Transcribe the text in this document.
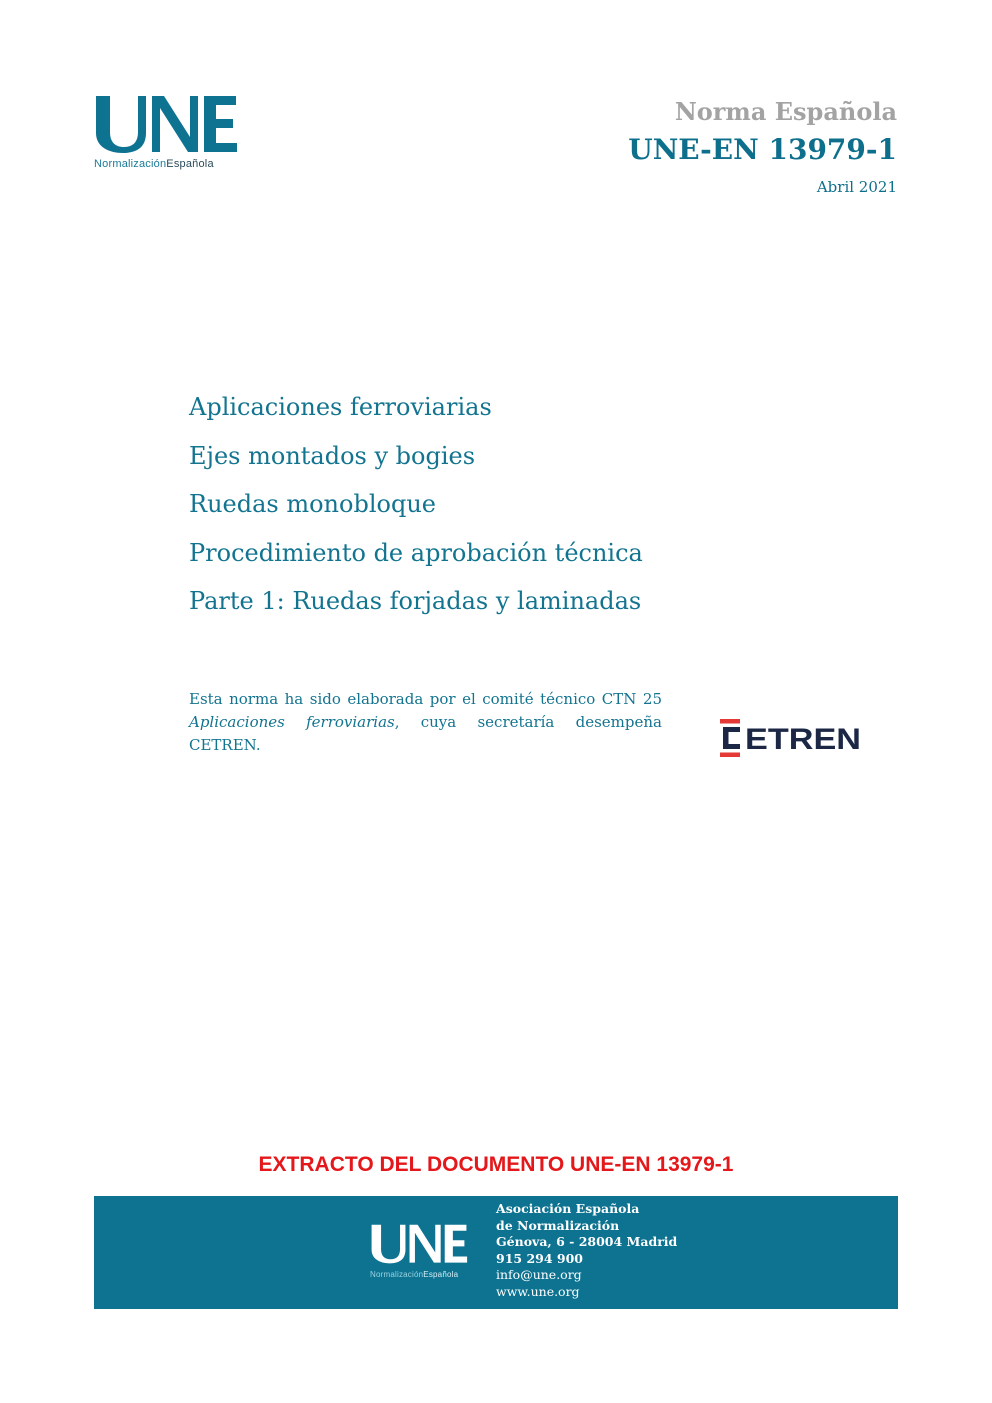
NormalizaciónEspañola
Norma Española
UNE-EN 13979-1
Abril 2021
Aplicaciones ferroviarias
Ejes montados y bogies
Ruedas monobloque
Procedimiento de aprobación técnica
Parte 1: Ruedas forjadas y laminadas
Esta norma ha sido elaborada por el comité técnico CTN 25 Aplicaciones ferroviarias, cuya secretaría desempeña CETREN.	ETREN
EXTRACTO DEL DOCUMENTO UNE-EN 13979-1
NormalizaciónEspañola
Asociación Española
de Normalización
Génova, 6 - 28004 Madrid
915 294 900
info@une.org
www.une.org
